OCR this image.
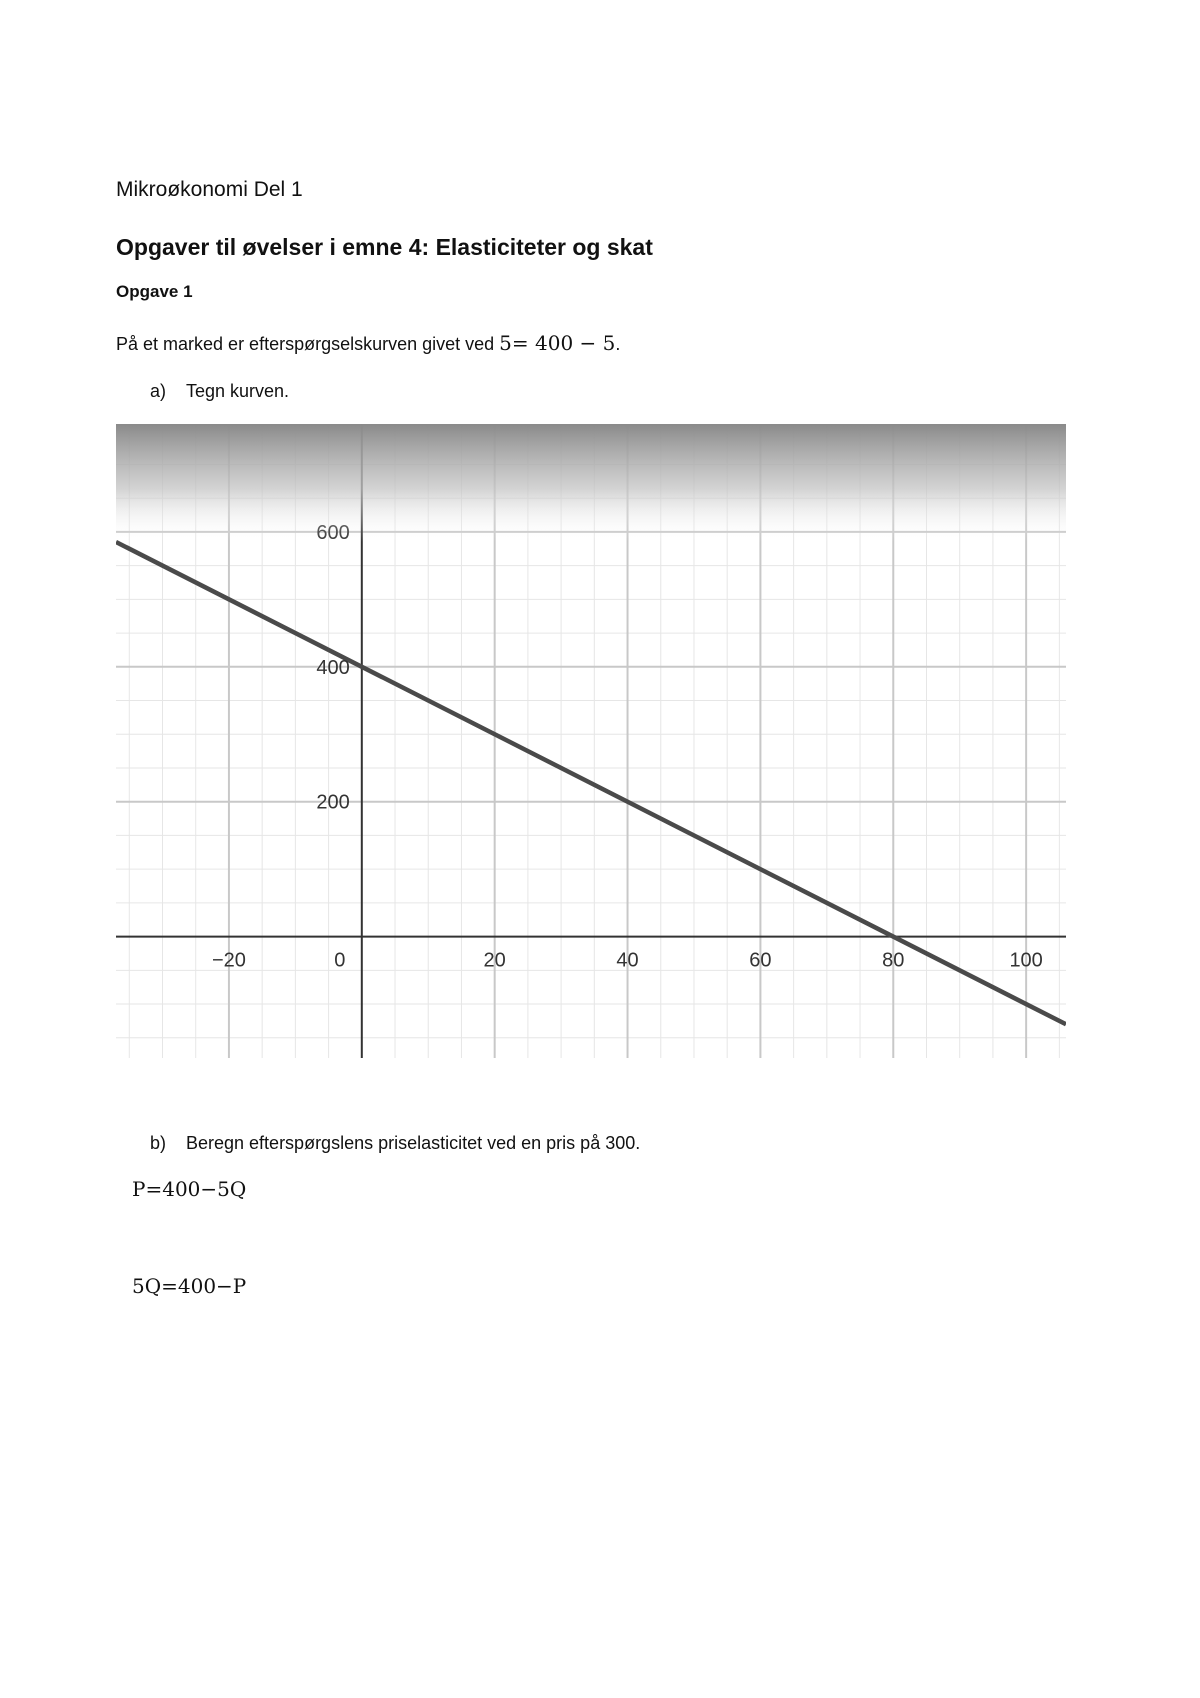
Mikroøkonomi Del 1
Opgaver til øvelser i emne 4: Elasticiteter og skat
Opgave 1
På et marked er efterspørgselskurven givet ved 5= 400 − 5.
a) Tegn kurven.
−20	0	20	40	60	80	100
200
400
b) Beregn efterspørgslens priselasticitet ved en pris på 300.
P=400−5Q
5Q=400−P
